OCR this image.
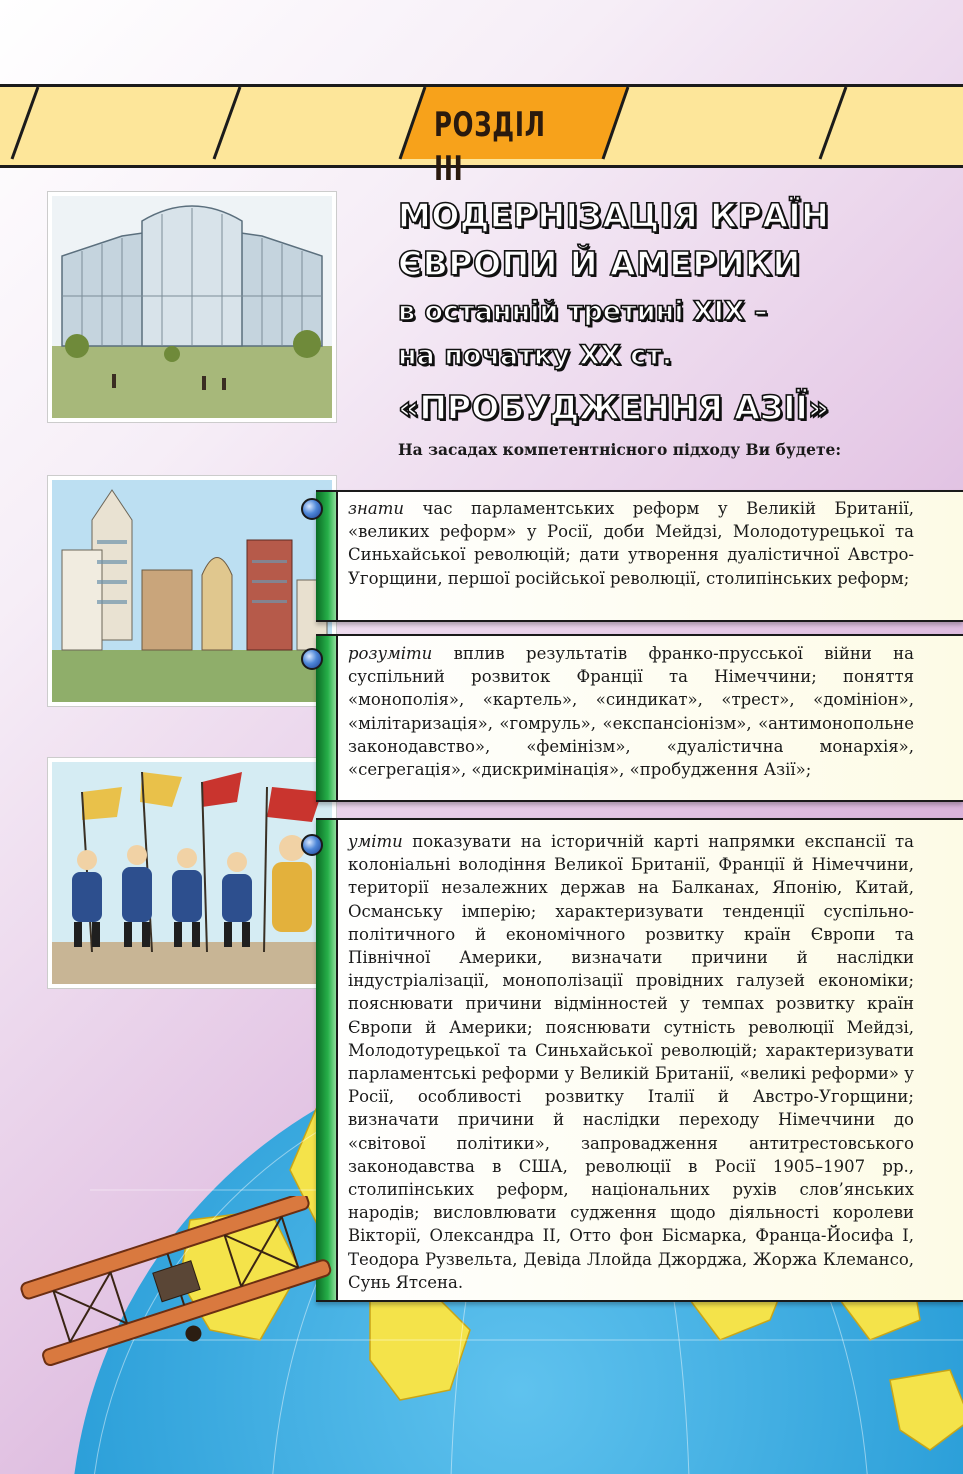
РОЗДІЛ III
МОДЕРНІЗАЦІЯ КРАЇН
ЄВРОПИ Й АМЕРИКИ
в останній третині XIX –
на початку XX ст.
«ПРОБУДЖЕННЯ АЗІЇ»

На засадах компетентнісного підходу Ви будете:

знати час парламентських реформ у Великій Британії, «великих реформ» у Росії, доби Мейдзі, Молодотурецької та Синьхайської революцій; дати утворення дуалістичної Австро-Угорщини, першої російської революції, столипінських реформ;

розуміти вплив результатів франко-прусської війни на суспільний розвиток Франції та Німеччини; поняття «монополія», «картель», «синдикат», «трест», «домініон», «мілітаризація», «гомруль», «експансіонізм», «антимонопольне законодавство», «фемінізм», «дуалістична монархія», «сегрегація», «дискримінація», «пробудження Азії»;

уміти показувати на історичній карті напрямки експансії та колоніальні володіння Великої Британії, Франції й Німеччини, території незалежних держав на Балканах, Японію, Китай, Османську імперію; характеризувати тенденції суспільно-політичного й економічного розвитку країн Європи та Північної Америки, визначати причини й наслідки індустріалізації, монополізації провідних галузей економіки; пояснювати причини відмінностей у темпах розвитку країн Європи й Америки; пояснювати сутність революції Мейдзі, Молодотурецької та Синьхайської революцій; характеризувати парламентські реформи у Великій Британії, «великі реформи» у Росії, особливості розвитку Італії й Австро-Угорщини; визначати причини й наслідки переходу Німеччини до «світової політики», запровадження антитрестовського законодавства в США, революції в Росії 1905–1907 рр., столипінських реформ, національних рухів слов’янських народів; висловлювати судження щодо діяльності королеви Вікторії, Олександра II, Отто фон Бісмарка, Франца-Йосифа I, Теодора Рузвельта, Девіда Ллойда Джорджа, Жоржа Клемансо, Сунь Ятсена.
